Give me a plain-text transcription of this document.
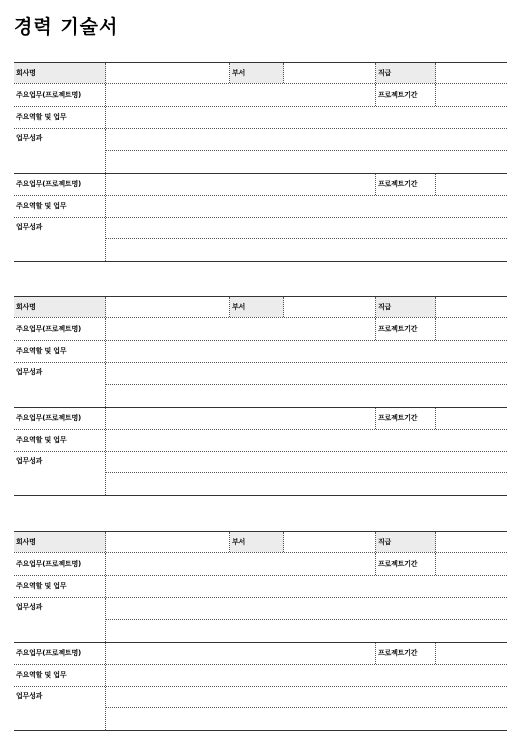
경력 기술서
회사명	부서	직급
주요업무(프로젝트명)	프로젝트기간
주요역할 및 업무
업무성과
주요업무(프로젝트명)	프로젝트기간
주요역할 및 업무
업무성과
회사명	부서	직급
주요업무(프로젝트명)	프로젝트기간
주요역할 및 업무
업무성과
주요업무(프로젝트명)	프로젝트기간
주요역할 및 업무
업무성과
회사명	부서	직급
주요업무(프로젝트명)	프로젝트기간
주요역할 및 업무
업무성과
주요업무(프로젝트명)	프로젝트기간
주요역할 및 업무
업무성과
